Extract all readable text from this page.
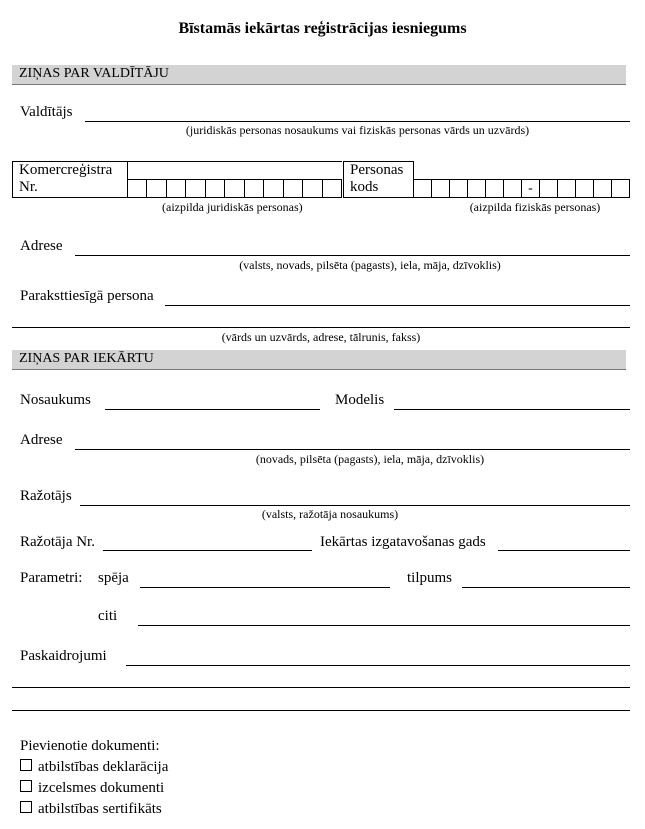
Bīstamās iekārtas reģistrācijas iesniegums
ZIŅAS PAR VALDĪTĀJU
Valdītājs
(juridiskās personas nosaukums vai fiziskās personas vārds un uzvārds)
Komercreģistra
Nr.

(aizpilda juridiskās personas)
Personas
kods
							-					
(aizpilda fiziskās personas)
Adrese
(valsts, novads, pilsēta (pagasts), iela, māja, dzīvoklis)
Paraksttiesīgā persona
(vārds un uzvārds, adrese, tālrunis, fakss)
ZIŅAS PAR IEKĀRTU
Nosaukums	Modelis
Adrese
(novads, pilsēta (pagasts), iela, māja, dzīvoklis)
Ražotājs
(valsts, ražotāja nosaukums)
Ražotāja Nr.	Iekārtas izgatavošanas gads
Parametri: spēja	tilpums
citi
Paskaidrojumi
Pievienotie dokumenti:
atbilstības deklarācija
izcelsmes dokumenti
atbilstības sertifikāts
